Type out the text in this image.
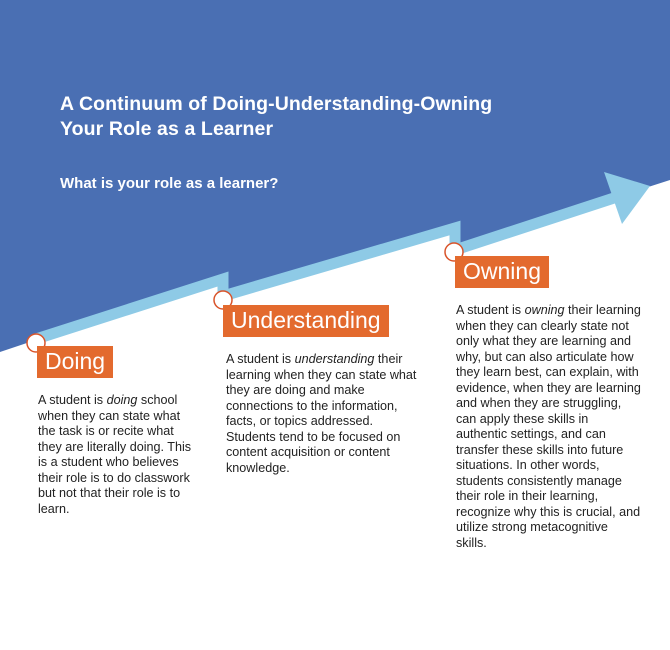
A Continuum of Doing-Understanding-Owning
Your Role as a Learner
What is your role as a learner?
Doing
A student is doing school when they can state what the task is or recite what they are literally doing. This is a student who believes their role is to do classwork but not that their role is to learn.
Understanding
A student is understanding their learning when they can state what they are doing and make connections to the information, facts, or topics addressed. Students tend to be focused on content acquisition or content knowledge.
Owning
A student is owning their learning when they can clearly state not only what they are learning and why, but can also articulate how they learn best, can explain, with evidence, when they are learning and when they are struggling, can apply these skills in authentic settings, and can transfer these skills into future situations. In other words, students consistently manage their role in their learning, recognize why this is crucial, and utilize strong metacognitive skills.
